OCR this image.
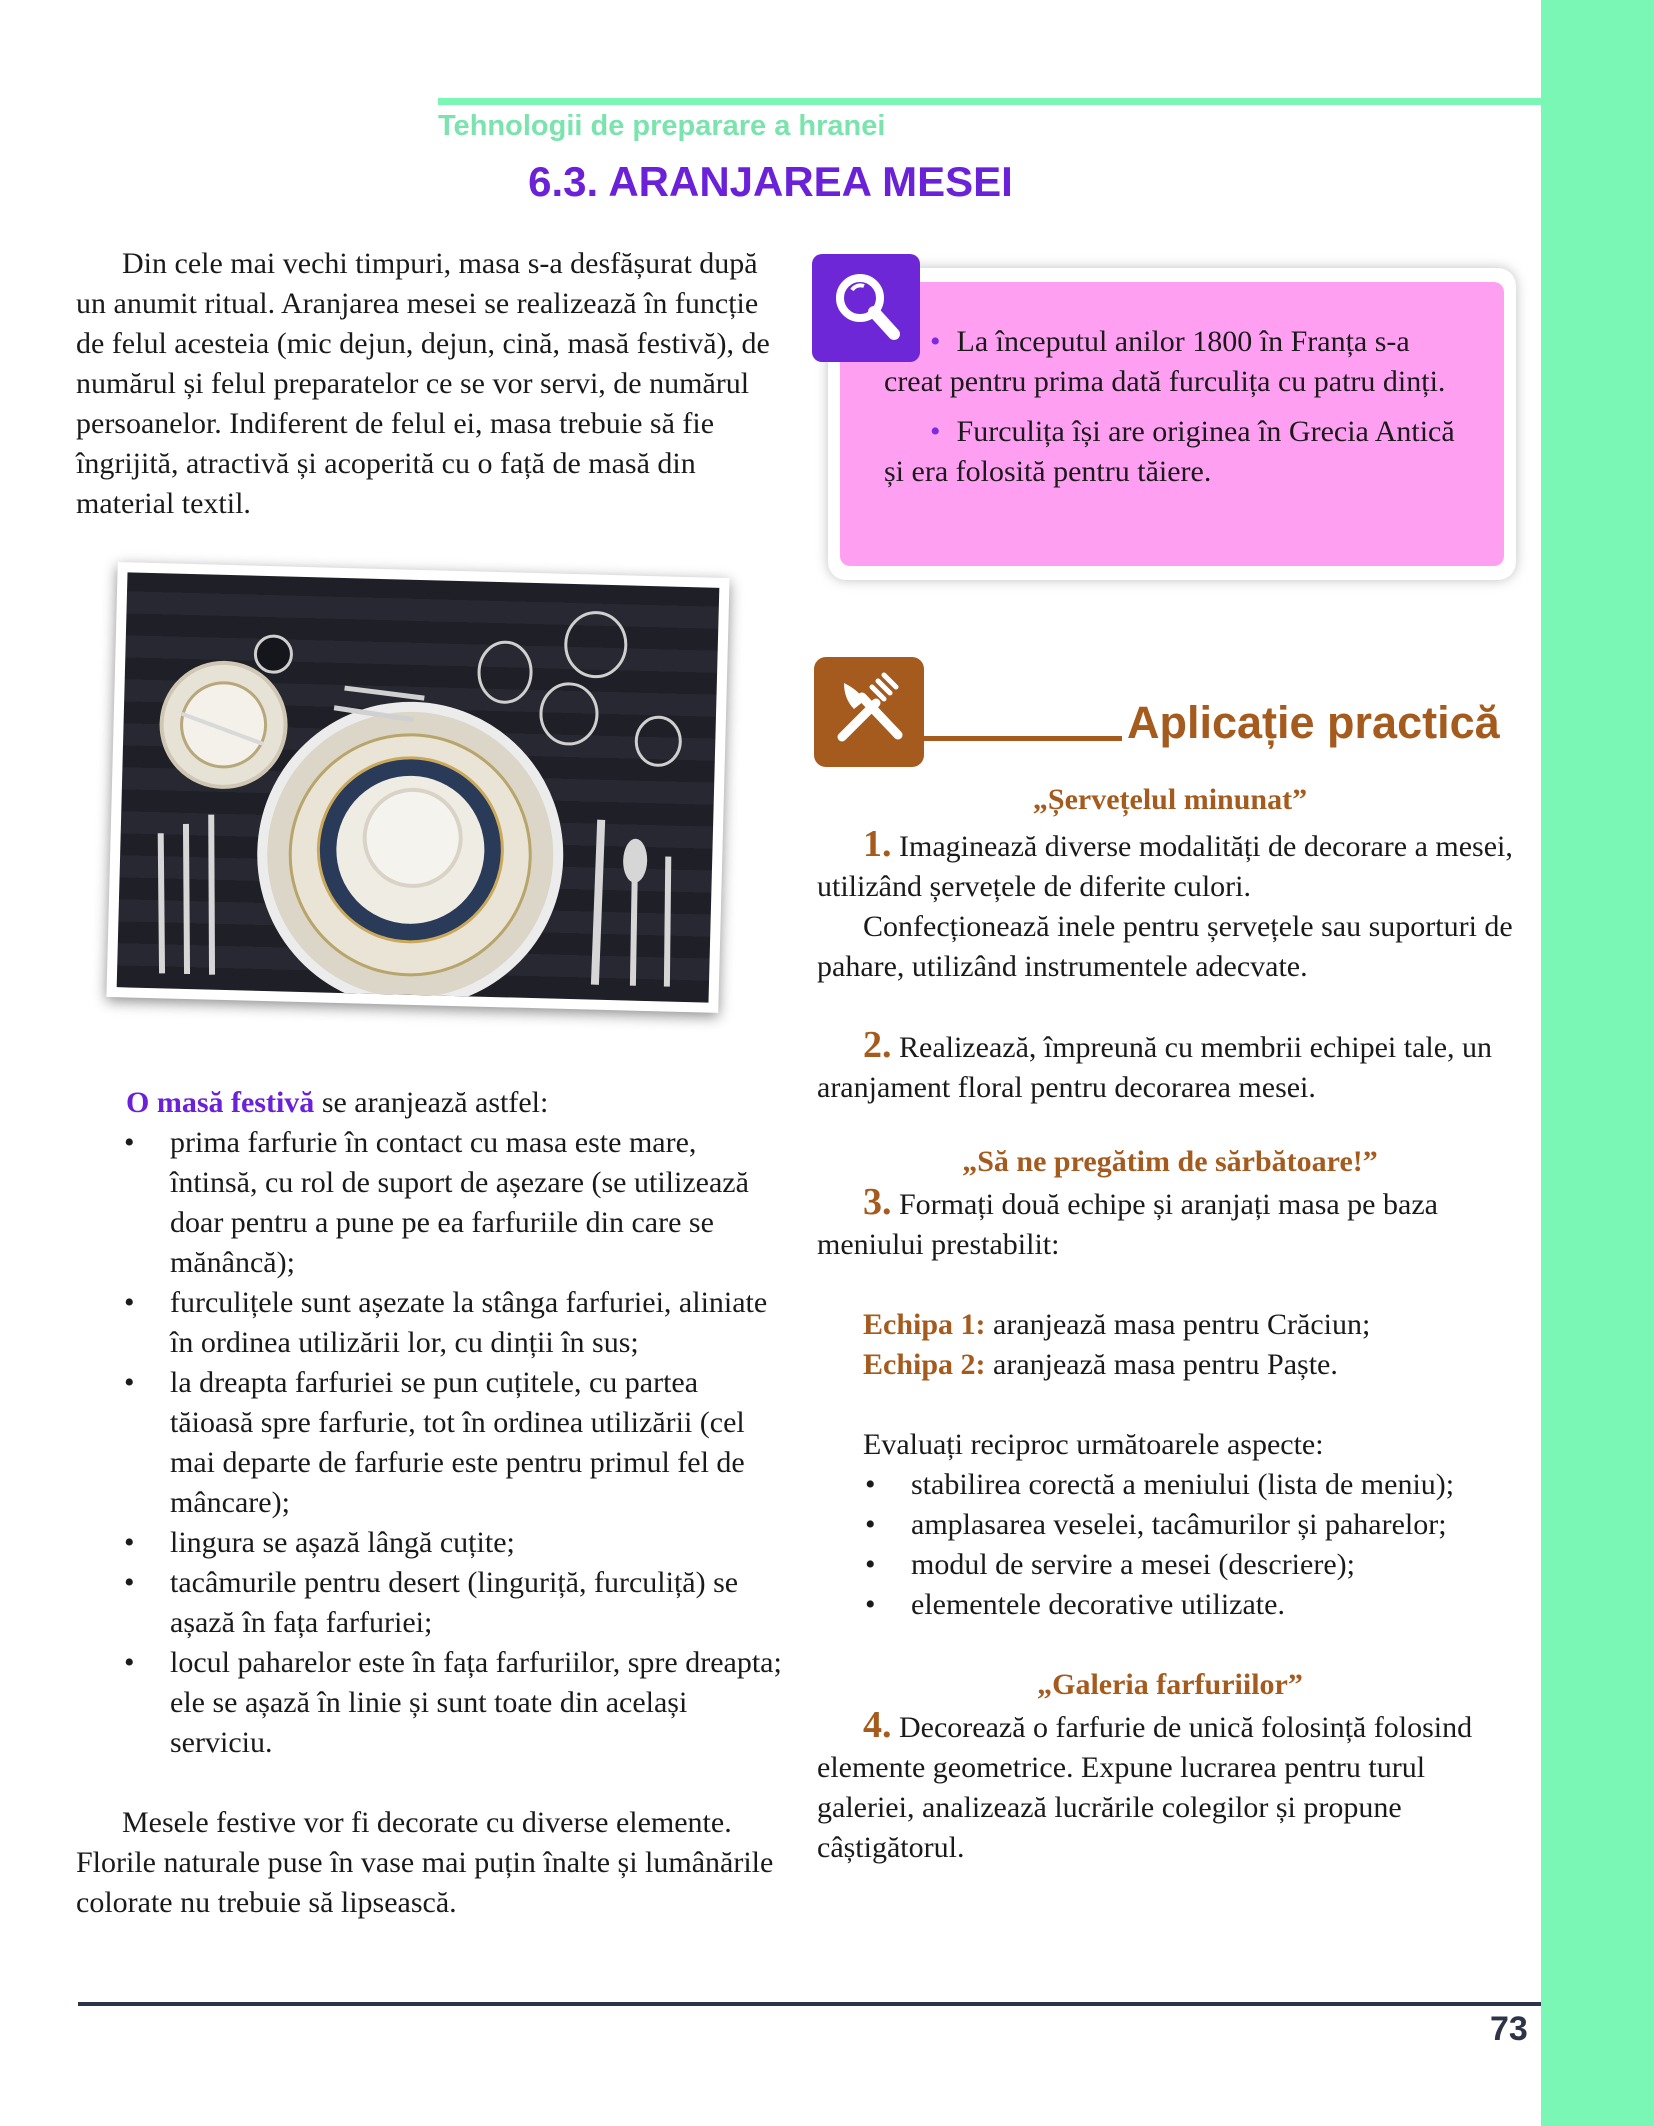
Tehnologii de preparare a hranei
6.3. ARANJAREA MESEI

Din cele mai vechi timpuri, masa s-a desfășurat după un anumit ritual. Aranjarea mesei se realizează în funcție de felul acesteia (mic dejun, dejun, cină, masă festivă), de numărul și felul preparatelor ce se vor servi, de numărul persoanelor. Indiferent de felul ei, masa trebuie să fie îngrijită, atractivă și acoperită cu o față de masă din material textil.

• La începutul anilor 1800 în Franța s-a creat pentru prima dată furculița cu patru dinți.

• Furculița își are originea în Grecia Antică și era folosită pentru tăiere.

Aplicație practică

„Șervețelul minunat”

1. Imaginează diverse modalități de decorare a mesei, utilizând șervețele de diferite culori.

Confecționează inele pentru șervețele sau suporturi de pahare, utilizând instrumentele adecvate.

2. Realizează, împreună cu membrii echipei tale, un aranjament floral pentru decorarea mesei.

„Să ne pregătim de sărbătoare!”

3. Formați două echipe și aranjați masa pe baza meniului prestabilit:

Echipa 1: aranjează masa pentru Crăciun;

Echipa 2: aranjează masa pentru Paște.

Evaluați reciproc următoarele aspecte:

• stabilirea corectă a meniului (lista de meniu);
• amplasarea veselei, tacâmurilor și paharelor;
• modul de servire a mesei (descriere);
• elementele decorative utilizate.

„Galeria farfuriilor”

4. Decorează o farfurie de unică folosință folosind elemente geometrice. Expune lucrarea pentru turul galeriei, analizează lucrările colegilor și propune câștigătorul.

O masă festivă se aranjează astfel:

• prima farfurie în contact cu masa este mare, întinsă, cu rol de suport de așezare (se utilizează doar pentru a pune pe ea farfuriile din care se mănâncă);
• furculițele sunt așezate la stânga farfuriei, aliniate în ordinea utilizării lor, cu dinții în sus;
• la dreapta farfuriei se pun cuțitele, cu partea tăioasă spre farfurie, tot în ordinea utilizării (cel mai departe de farfurie este pentru primul fel de mâncare);
• lingura se așază lângă cuțite;
• tacâmurile pentru desert (linguriță, furculiță) se așază în fața farfuriei;
• locul paharelor este în fața farfuriilor, spre dreapta; ele se așază în linie și sunt toate din același serviciu.

Mesele festive vor fi decorate cu diverse elemente. Florile naturale puse în vase mai puțin înalte și lumânările colorate nu trebuie să lipsească.

73
